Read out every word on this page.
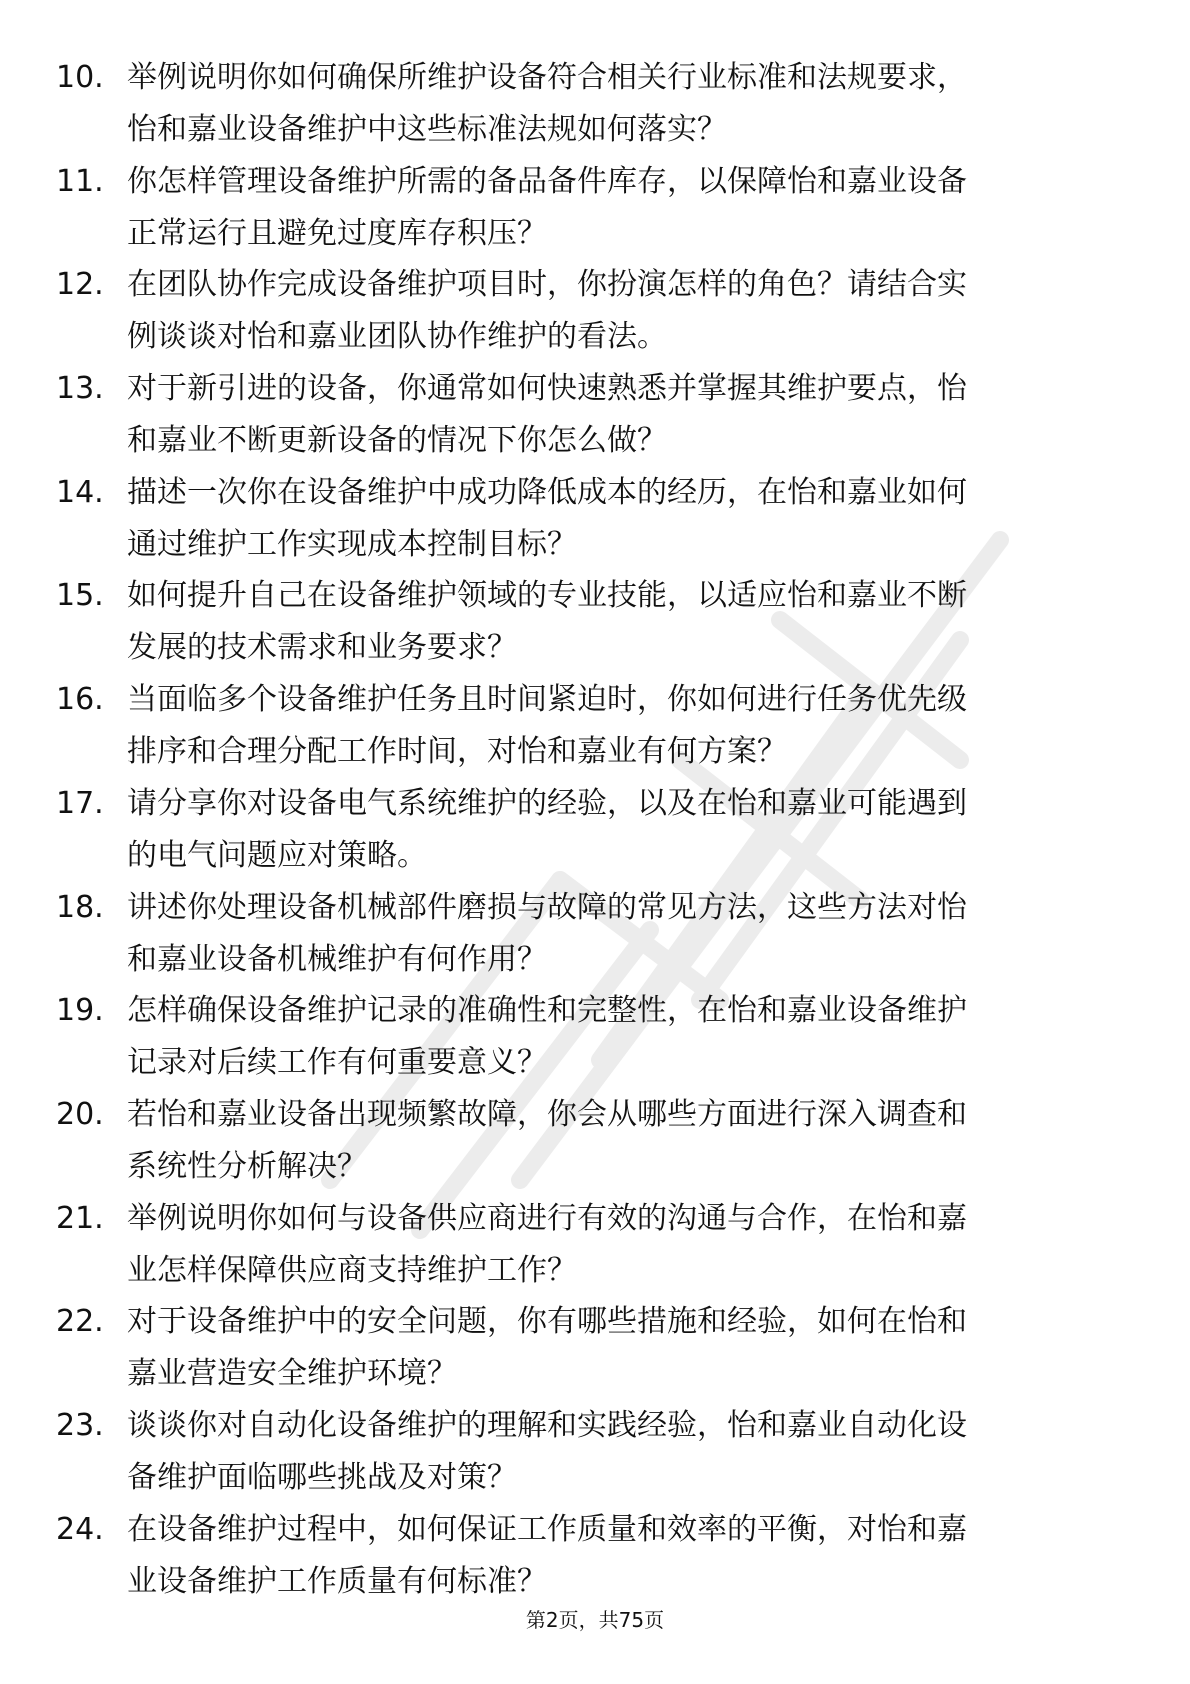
10. 举例说明你如何确保所维护设备符合相关行业标准和法规要求，
怡和嘉业设备维护中这些标准法规如何落实？

11. 你怎样管理设备维护所需的备品备件库存，以保障怡和嘉业设备
正常运行且避免过度库存积压？

12. 在团队协作完成设备维护项目时，你扮演怎样的角色？请结合实
例谈谈对怡和嘉业团队协作维护的看法。

13. 对于新引进的设备，你通常如何快速熟悉并掌握其维护要点，怡
和嘉业不断更新设备的情况下你怎么做？

14. 描述一次你在设备维护中成功降低成本的经历，在怡和嘉业如何
通过维护工作实现成本控制目标？

15. 如何提升自己在设备维护领域的专业技能，以适应怡和嘉业不断
发展的技术需求和业务要求？

16. 当面临多个设备维护任务且时间紧迫时，你如何进行任务优先级
排序和合理分配工作时间，对怡和嘉业有何方案？

17. 请分享你对设备电气系统维护的经验，以及在怡和嘉业可能遇到
的电气问题应对策略。

18. 讲述你处理设备机械部件磨损与故障的常见方法，这些方法对怡
和嘉业设备机械维护有何作用？

19. 怎样确保设备维护记录的准确性和完整性，在怡和嘉业设备维护
记录对后续工作有何重要意义？

20. 若怡和嘉业设备出现频繁故障，你会从哪些方面进行深入调查和
系统性分析解决？

21. 举例说明你如何与设备供应商进行有效的沟通与合作，在怡和嘉
业怎样保障供应商支持维护工作？

22. 对于设备维护中的安全问题，你有哪些措施和经验，如何在怡和
嘉业营造安全维护环境？

23. 谈谈你对自动化设备维护的理解和实践经验，怡和嘉业自动化设
备维护面临哪些挑战及对策？

24. 在设备维护过程中，如何保证工作质量和效率的平衡，对怡和嘉
业设备维护工作质量有何标准？

第2页，共75页
